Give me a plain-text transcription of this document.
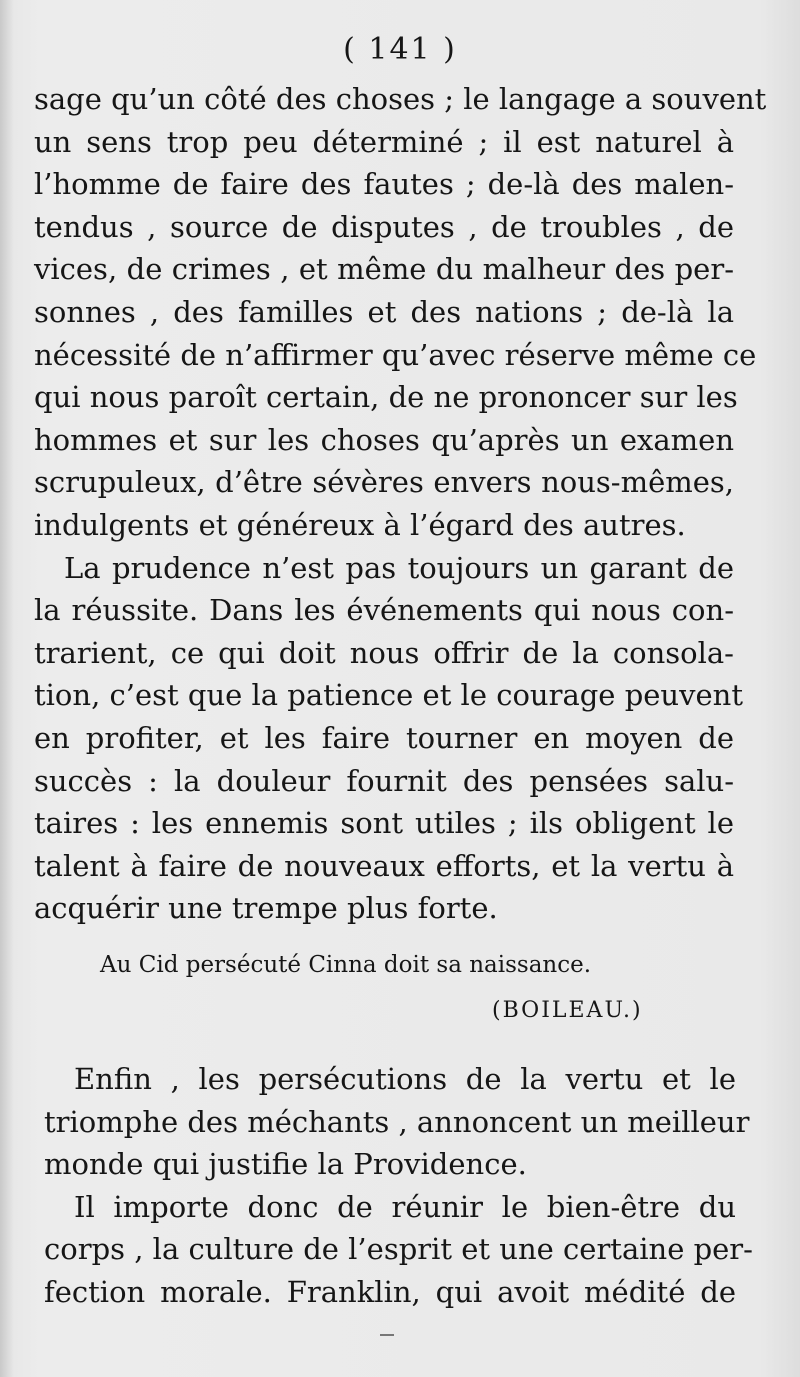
( 141 )
sage qu’un côté des choses ; le langage a souvent
un sens trop peu déterminé ; il est naturel à
l’homme de faire des fautes ; de-là des malen-
tendus , source de disputes , de troubles , de
vices, de crimes , et même du malheur des per-
sonnes , des familles et des nations ; de-là la
nécessité de n’affirmer qu’avec réserve même ce
qui nous paroît certain, de ne prononcer sur les
hommes et sur les choses qu’après un examen
scrupuleux, d’être sévères envers nous-mêmes,
indulgents et généreux à l’égard des autres.
La prudence n’est pas toujours un garant de
la réussite. Dans les événements qui nous con-
trarient, ce qui doit nous offrir de la consola-
tion, c’est que la patience et le courage peuvent
en profiter, et les faire tourner en moyen de
succès : la douleur fournit des pensées salu-
taires : les ennemis sont utiles ; ils obligent le
talent à faire de nouveaux efforts, et la vertu à
acquérir une trempe plus forte.
Au Cid persécuté Cinna doit sa naissance.
(BOILEAU.)
Enfin , les persécutions de la vertu et le
triomphe des méchants , annoncent un meilleur
monde qui justifie la Providence.
Il importe donc de réunir le bien-être du
corps , la culture de l’esprit et une certaine per-
fection morale. Franklin, qui avoit médité de
